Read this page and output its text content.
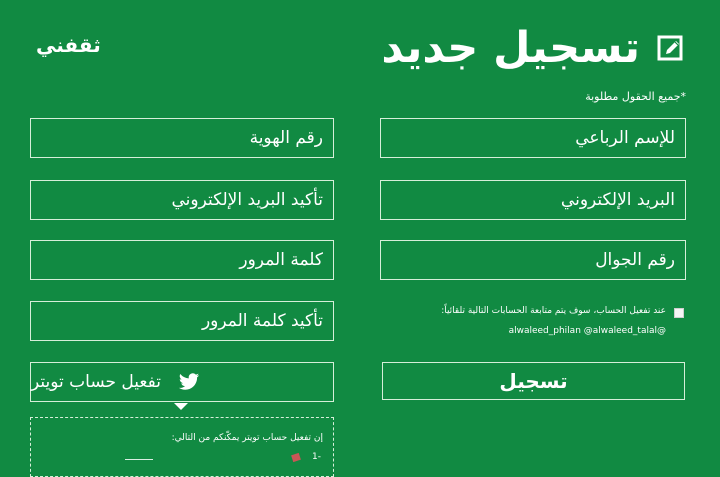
ثقفني	تسجيل جديد
*جميع الحقول مطلوبة
للإسم الرباعي
رقم الهوية
البريد الإلكتروني
تأكيد البريد الإلكتروني
رقم الجوال
كلمة المرور
تأكيد كلمة المرور	عند تفعيل الحساب، سوف يتم متابعة الحسابات التالية تلقائياً:
@alwaleed_philan @alwaleed_talal
تفعيل حساب تويتر	تسجيل
إن تفعيل حساب تويتر يمكّنكم من التالي:
-1
